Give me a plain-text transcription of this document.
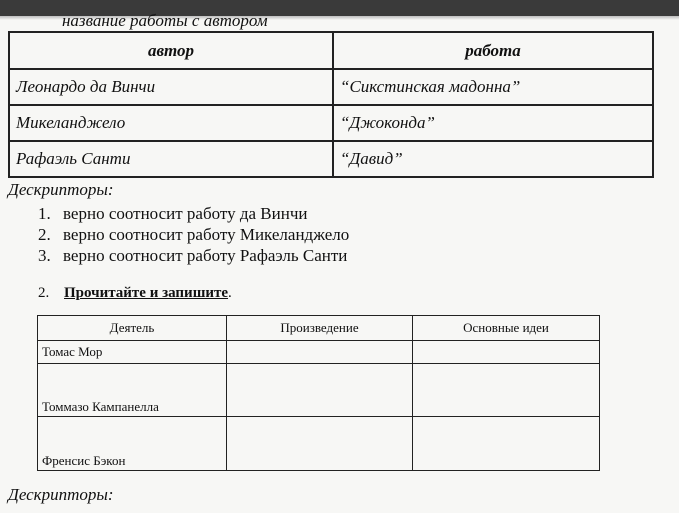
название работы с автором
автор	работа
Леонардо да Винчи	“Сикстинская мадонна”
Микеланджело	“Джоконда”
Рафаэль Санти	“Давид”
Дескрипторы:
1. верно соотносит работу да Винчи
2. верно соотносит работу Микеланджело
3. верно соотносит работу Рафаэль Санти
2. Прочитайте и запишите.
Деятель	Произведение	Основные идеи
Томас Мор		
Томмазо Кампанелла		
Френсис Бэкон		
Дескрипторы:
